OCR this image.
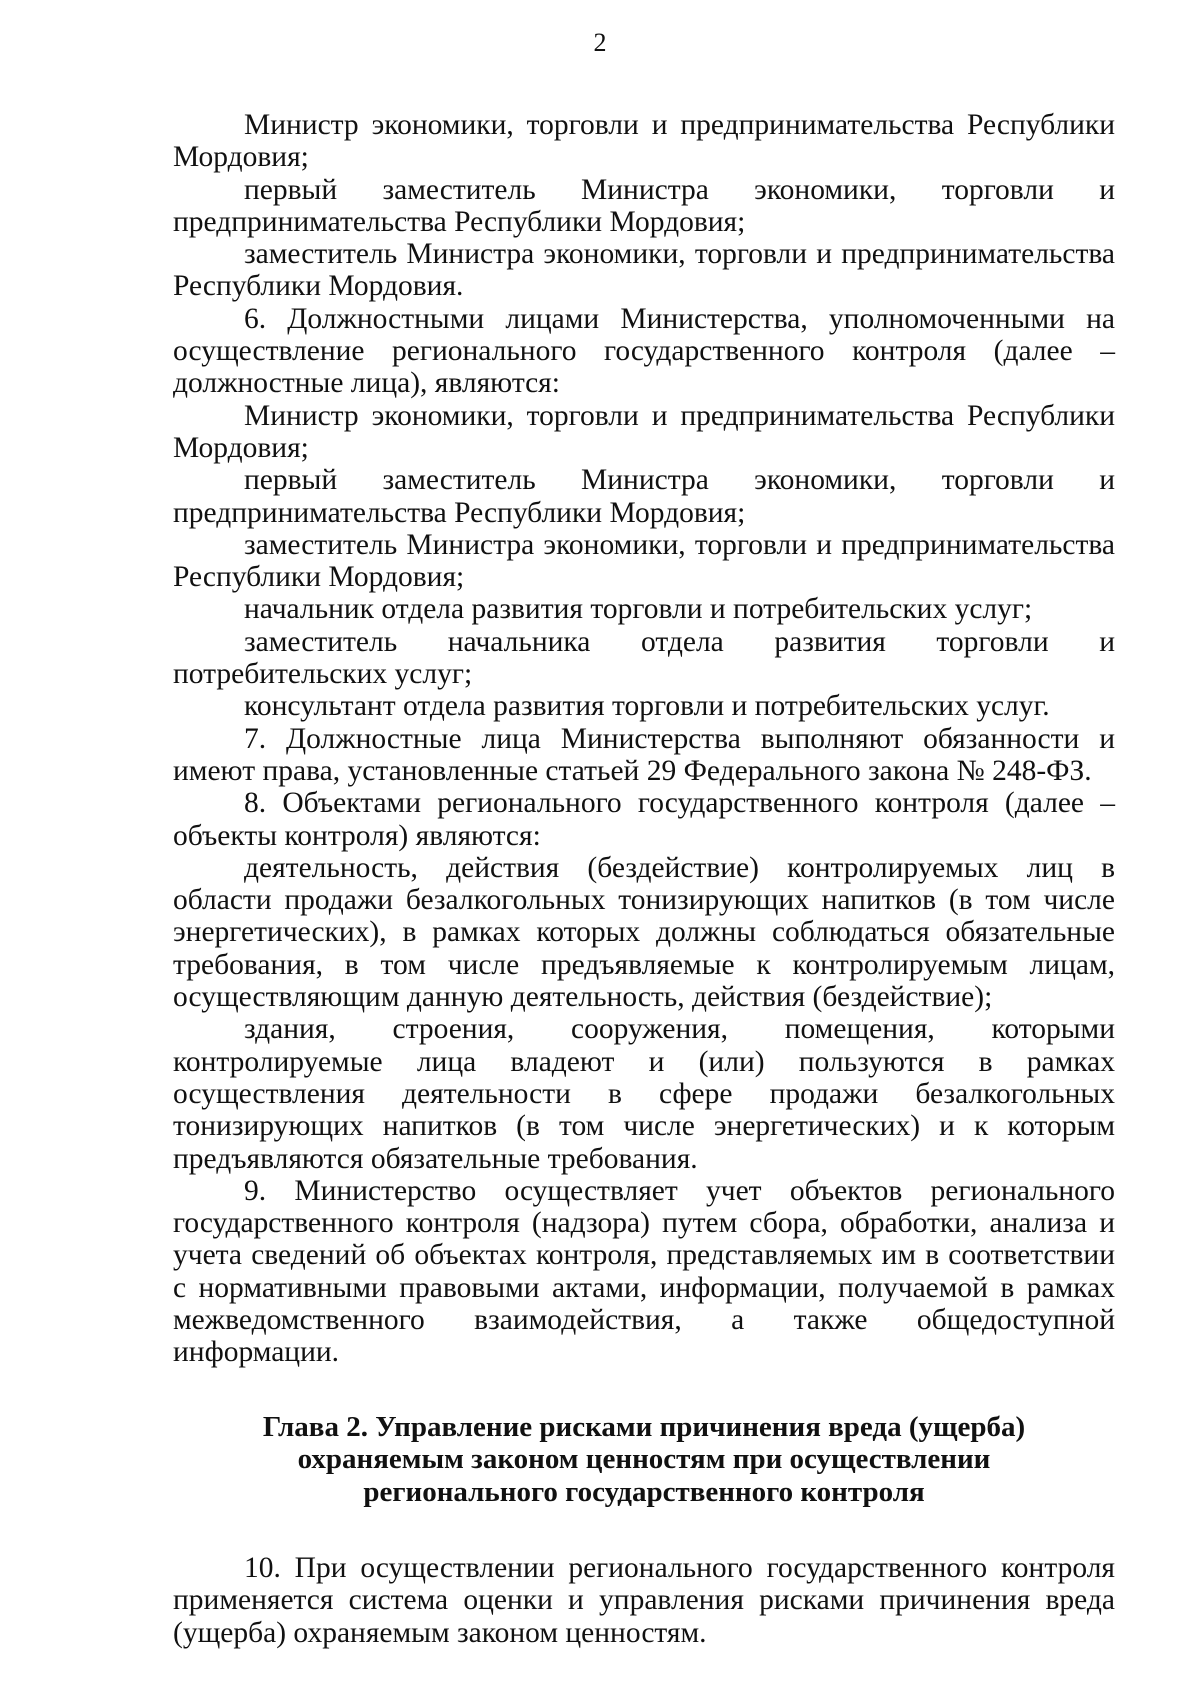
2

Министр экономики, торговли и предпринимательства Республики Мордовия;

первый заместитель Министра экономики, торговли и предпринимательства Республики Мордовия;

заместитель Министра экономики, торговли и предпринимательства Республики Мордовия.

6. Должностными лицами Министерства, уполномоченными на осуществление регионального государственного контроля (далее – должностные лица), являются:

Министр экономики, торговли и предпринимательства Республики Мордовия;

первый заместитель Министра экономики, торговли и предпринимательства Республики Мордовия;

заместитель Министра экономики, торговли и предпринимательства Республики Мордовия;

начальник отдела развития торговли и потребительских услуг;

заместитель начальника отдела развития торговли и потребительских услуг;

консультант отдела развития торговли и потребительских услуг.

7. Должностные лица Министерства выполняют обязанности и имеют права, установленные статьей 29 Федерального закона № 248-ФЗ.

8. Объектами регионального государственного контроля (далее – объекты контроля) являются:

деятельность, действия (бездействие) контролируемых лиц в области продажи безалкогольных тонизирующих напитков (в том числе энергетических), в рамках которых должны соблюдаться обязательные требования, в том числе предъявляемые к контролируемым лицам, осуществляющим данную деятельность, действия (бездействие);

здания, строения, сооружения, помещения, которыми контролируемые лица владеют и (или) пользуются в рамках осуществления деятельности в сфере продажи безалкогольных тонизирующих напитков (в том числе энергетических) и к которым предъявляются обязательные требования.

9. Министерство осуществляет учет объектов регионального государственного контроля (надзора) путем сбора, обработки, анализа и учета сведений об объектах контроля, представляемых им в соответствии с нормативными правовыми актами, информации, получаемой в рамках межведомственного взаимодействия, а также общедоступной информации.

Глава 2. Управление рисками причинения вреда (ущерба)
охраняемым законом ценностям при осуществлении
регионального государственного контроля

10. При осуществлении регионального государственного контроля применяется система оценки и управления рисками причинения вреда (ущерба) охраняемым законом ценностям.
